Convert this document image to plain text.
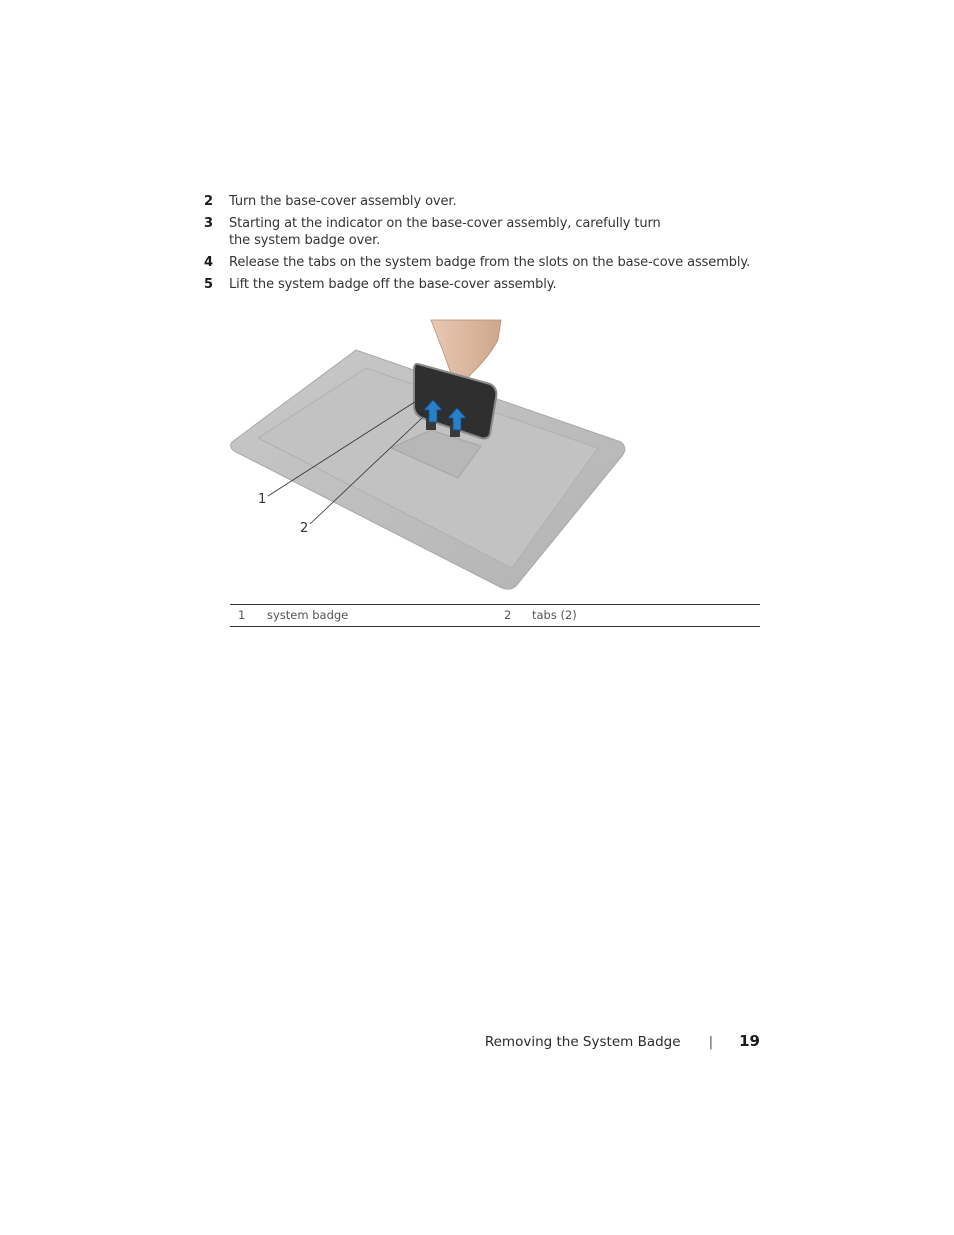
2	Turn the base-cover assembly over.
3	Starting at the indicator on the base-cover assembly, carefully turn the system badge over.
4	Release the tabs on the system badge from the slots on the base-cove assembly.
5	Lift the system badge off the base-cover assembly.
1
2
1 system badge	2 tabs (2)
Removing the System Badge | 19
